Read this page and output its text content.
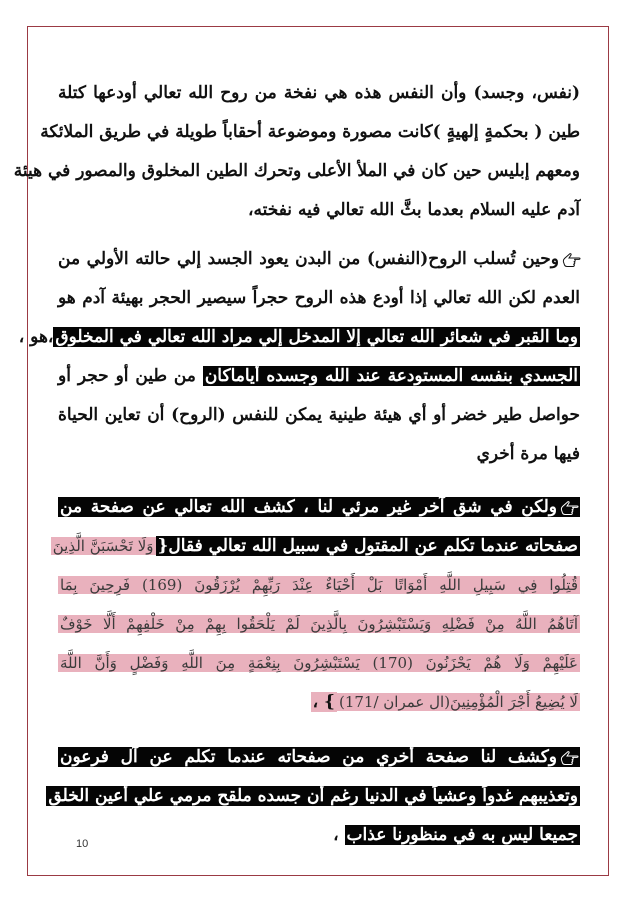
(نفس، وجسد) وأن النفس هذه هي نفخة من روح الله تعالي أودعها كتلة
طين ( بحكمةٍ إلهيةٍ )كانت مصورة وموضوعة أحقاباً طويلة في طريق الملائكة
ومعهم إبليس حين كان في الملأ الأعلى وتحرك الطين المخلوق والمصور في هيئة
آدم عليه السلام بعدما بثَّ الله تعالي فيه نفخته،
وحين تُسلب الروح(النفس) من البدن يعود الجسد إلي حالته الأولي من
العدم لكن الله تعالي إذا أودع هذه الروح حجراً سيصير الحجر بهيئة آدم هو
وما القبر في شعائر الله تعالي إلا المدخل إلي مراد الله تعالي في المخلوق،هو ،
الجسدي بنفسه المستودعة عند الله وجسده أياماكان من طين أو حجر أو
حواصل طير خضر أو أي هيئة طينية يمكن للنفس (الروح) أن تعاين الحياة
فيها مرة أخري
ولكن في شق آخر غير مرئي لنا ، كشف الله تعالي عن صفحة من
صفحاته عندما تكلم عن المقتول في سبيل الله تعالي فقال{وَلَا تَحْسَبَنَّ الَّذِينَ
قُتِلُوا فِي سَبِيلِ اللَّهِ أَمْوَاتًا بَلْ أَحْيَاءٌ عِنْدَ رَبِّهِمْ يُرْزَقُونَ (169) فَرِحِينَ بِمَا
آتَاهُمُ اللَّهُ مِنْ فَضْلِهِ وَيَسْتَبْشِرُونَ بِالَّذِينَ لَمْ يَلْحَقُوا بِهِمْ مِنْ خَلْفِهِمْ أَلَّا خَوْفٌ
عَلَيْهِمْ وَلَا هُمْ يَحْزَنُونَ (170) يَسْتَبْشِرُونَ بِنِعْمَةٍ مِنَ اللَّهِ وَفَضْلٍ وَأَنَّ اللَّهَ
لَا يُضِيعُ أَجْرَ الْمُؤْمِنِينَ(ال عمران /171)} ،
وكشف لنا صفحة أخري من صفحاته عندما تكلم عن آل فرعون
وتعذيبهم غدواً وعشياً في الدنيا رغم أن جسده ملقح مرمي علي أعين الخلق
جميعا ليس به في منظورنا عذاب ،
10
